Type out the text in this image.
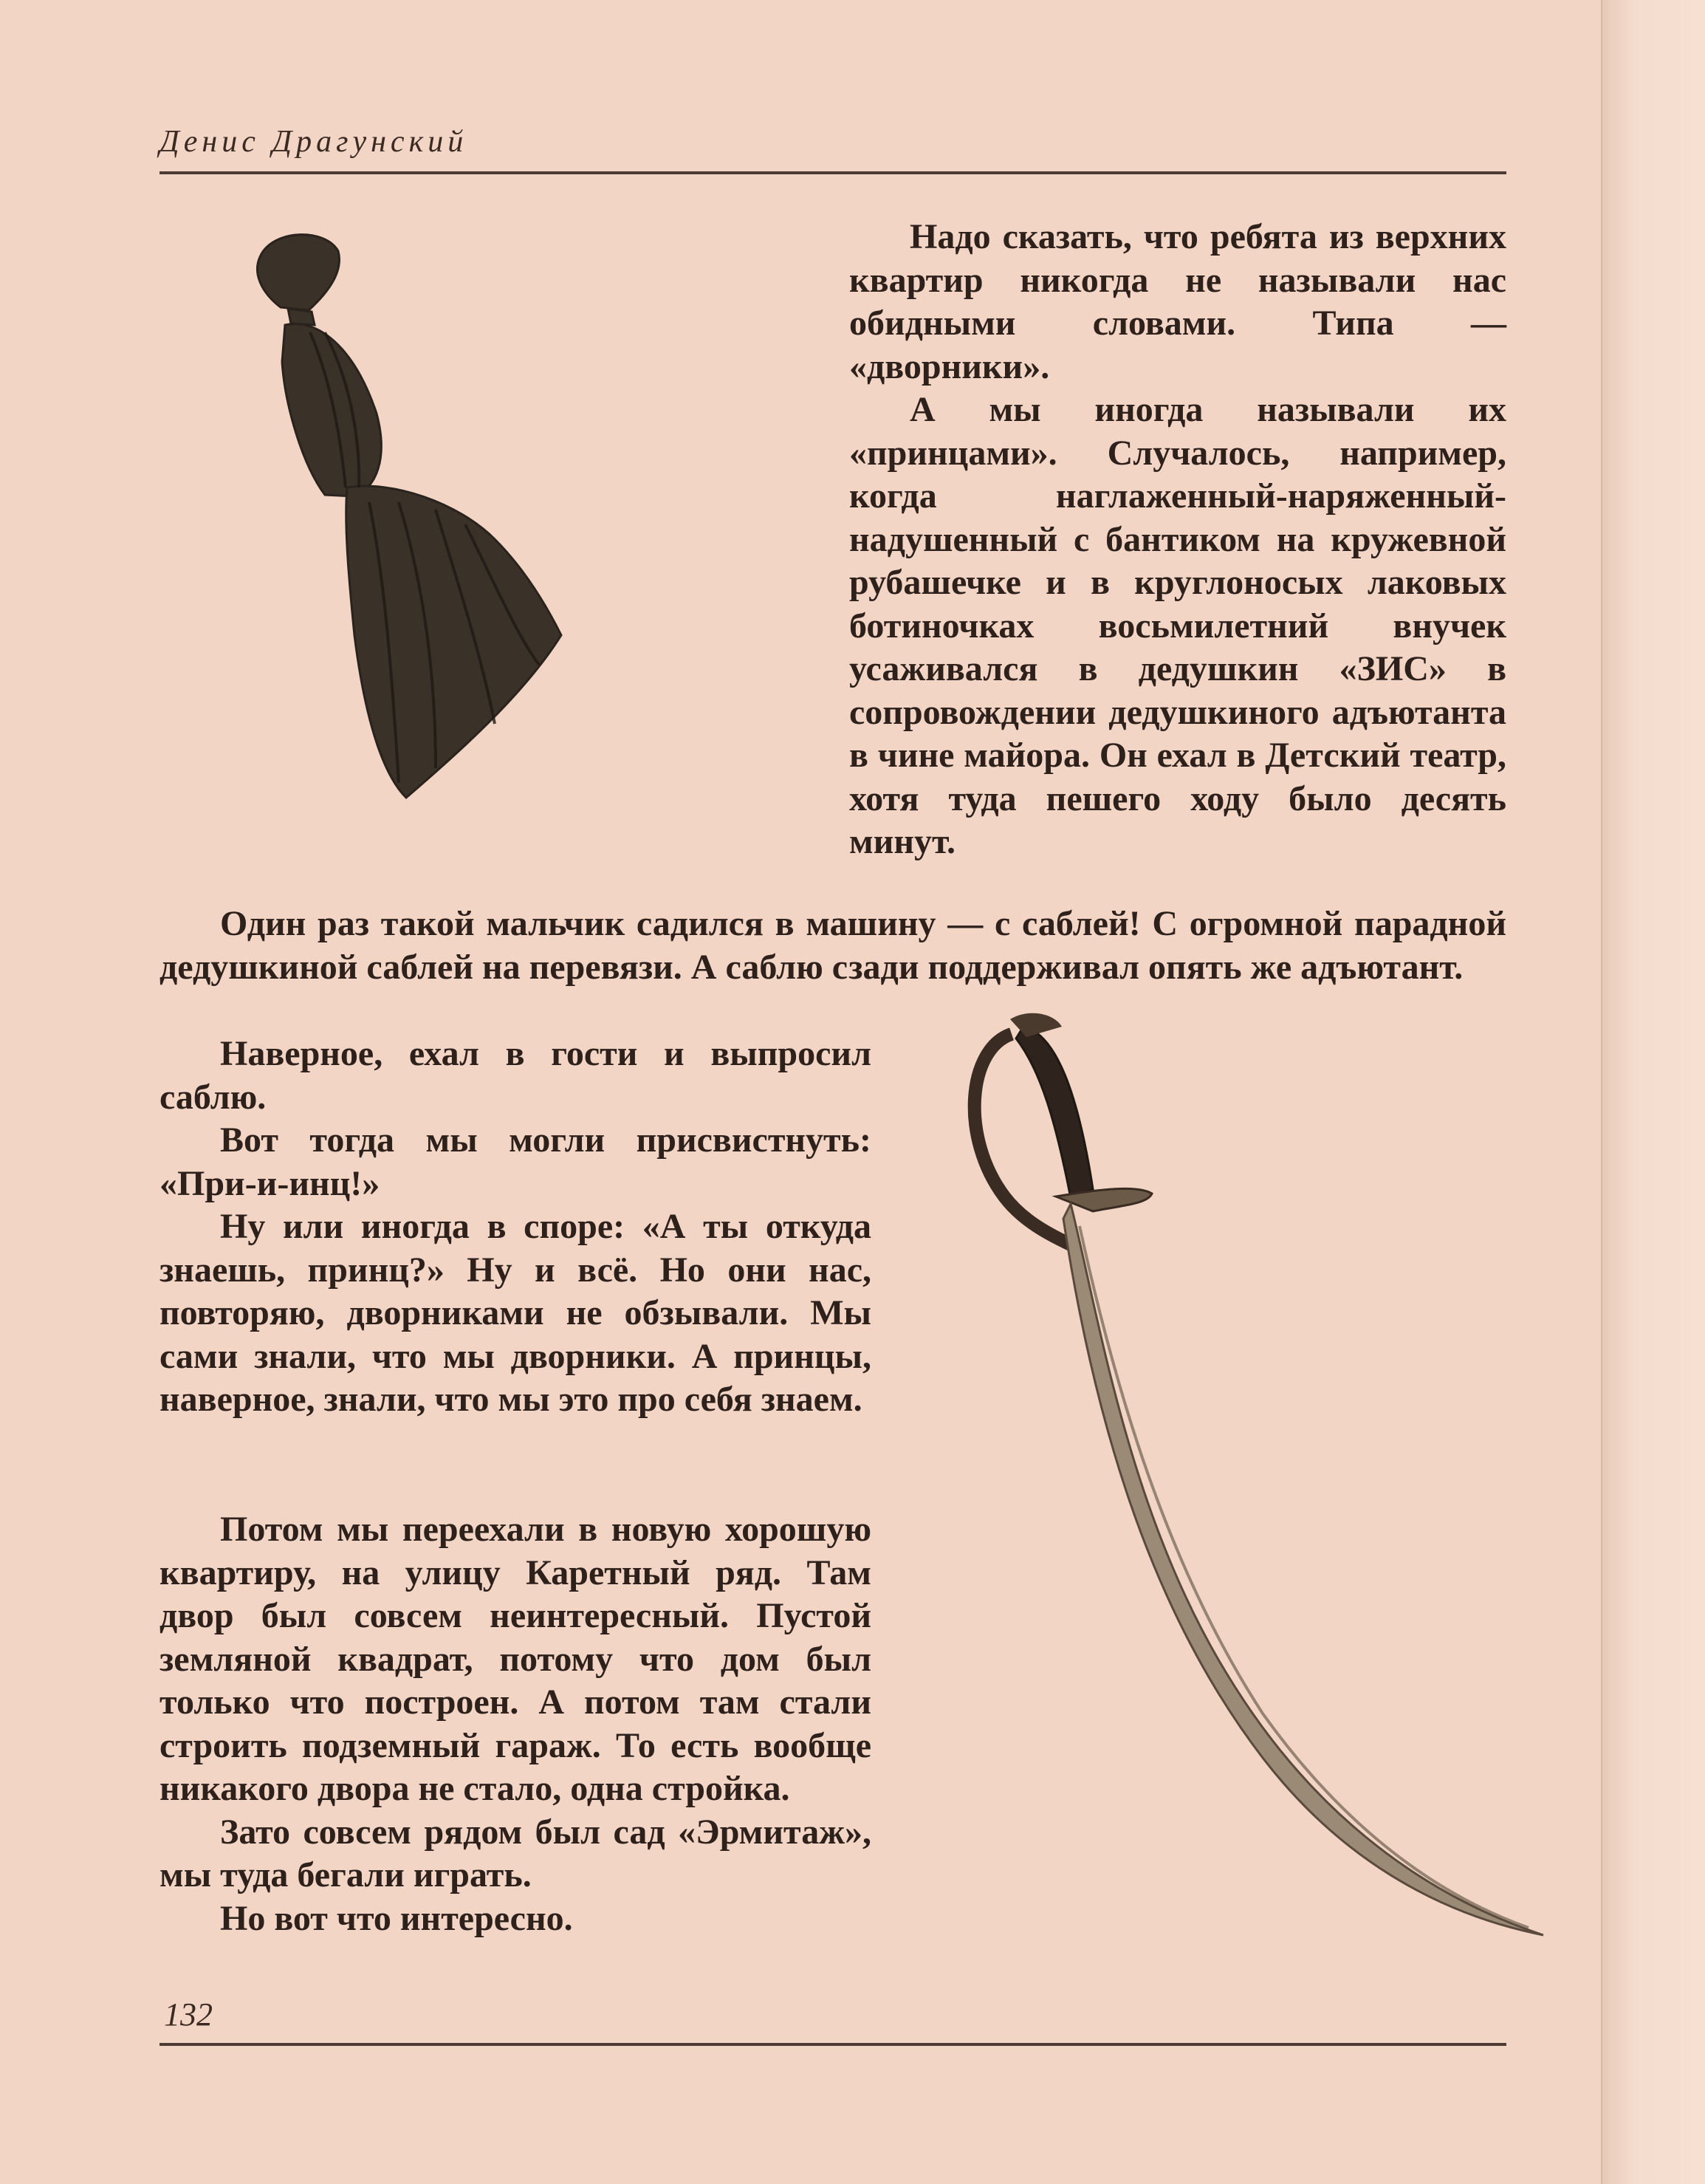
Денис Драгунский

Надо сказать, что ребята из верхних квартир никогда не называли нас обидными словами. Типа — «дворники».

А мы иногда называли их «принцами». Случалось, например, когда наглаженный-наряженный-надушенный с бантиком на кружевной рубашечке и в круглоносых лаковых ботиночках восьмилетний внучек усаживался в дедушкин «ЗИС» в сопровождении дедушкиного адъютанта в чине майора. Он ехал в Детский театр, хотя туда пешего ходу было десять минут.

Один раз такой мальчик садился в машину — с саблей! С огромной парадной дедушкиной саблей на перевязи. А саблю сзади поддерживал опять же адъютант.

Наверное, ехал в гости и выпросил саблю.

Вот тогда мы могли присвистнуть: «При-и-инц!»

Ну или иногда в споре: «А ты откуда знаешь, принц?» Ну и всё. Но они нас, повторяю, дворниками не обзывали. Мы сами знали, что мы дворники. А принцы, наверное, знали, что мы это про себя знаем.

Потом мы переехали в новую хорошую квартиру, на улицу Каретный ряд. Там двор был совсем неинтересный. Пустой земляной квадрат, потому что дом был только что построен. А потом там стали строить подземный гараж. То есть вообще никакого двора не стало, одна стройка.

Зато совсем рядом был сад «Эрмитаж», мы туда бегали играть.

Но вот что интересно.

132
